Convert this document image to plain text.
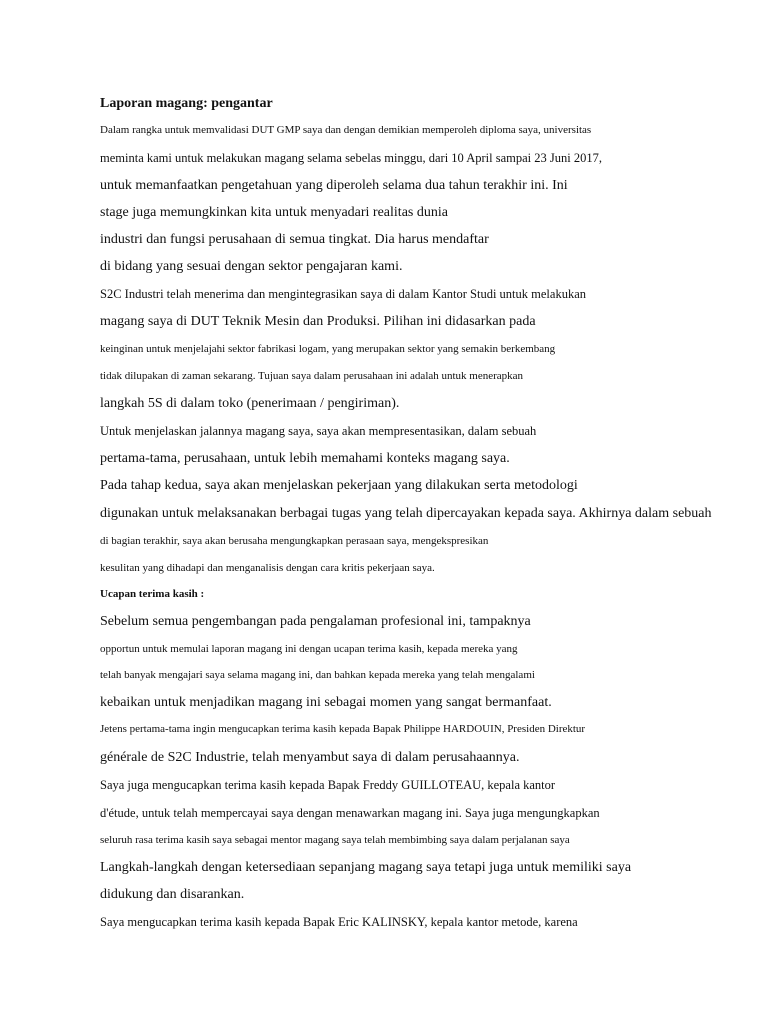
Laporan magang: pengantar

Dalam rangka untuk memvalidasi DUT GMP saya dan dengan demikian memperoleh diploma saya, universitas

meminta kami untuk melakukan magang selama sebelas minggu, dari 10 April sampai 23 Juni 2017,

untuk memanfaatkan pengetahuan yang diperoleh selama dua tahun terakhir ini. Ini

stage juga memungkinkan kita untuk menyadari realitas dunia

industri dan fungsi perusahaan di semua tingkat. Dia harus mendaftar

di bidang yang sesuai dengan sektor pengajaran kami.

S2C Industri telah menerima dan mengintegrasikan saya di dalam Kantor Studi untuk melakukan

magang saya di DUT Teknik Mesin dan Produksi. Pilihan ini didasarkan pada

keinginan untuk menjelajahi sektor fabrikasi logam, yang merupakan sektor yang semakin berkembang

tidak dilupakan di zaman sekarang. Tujuan saya dalam perusahaan ini adalah untuk menerapkan

langkah 5S di dalam toko (penerimaan / pengiriman).

Untuk menjelaskan jalannya magang saya, saya akan mempresentasikan, dalam sebuah

pertama-tama, perusahaan, untuk lebih memahami konteks magang saya.

Pada tahap kedua, saya akan menjelaskan pekerjaan yang dilakukan serta metodologi

digunakan untuk melaksanakan berbagai tugas yang telah dipercayakan kepada saya. Akhirnya dalam sebuah

di bagian terakhir, saya akan berusaha mengungkapkan perasaan saya, mengekspresikan

kesulitan yang dihadapi dan menganalisis dengan cara kritis pekerjaan saya.

Ucapan terima kasih :

Sebelum semua pengembangan pada pengalaman profesional ini, tampaknya

opportun untuk memulai laporan magang ini dengan ucapan terima kasih, kepada mereka yang

telah banyak mengajari saya selama magang ini, dan bahkan kepada mereka yang telah mengalami

kebaikan untuk menjadikan magang ini sebagai momen yang sangat bermanfaat.

Jetens pertama-tama ingin mengucapkan terima kasih kepada Bapak Philippe HARDOUIN, Presiden Direktur

générale de S2C Industrie, telah menyambut saya di dalam perusahaannya.

Saya juga mengucapkan terima kasih kepada Bapak Freddy GUILLOTEAU, kepala kantor

d'étude, untuk telah mempercayai saya dengan menawarkan magang ini. Saya juga mengungkapkan

seluruh rasa terima kasih saya sebagai mentor magang saya telah membimbing saya dalam perjalanan saya

Langkah-langkah dengan ketersediaan sepanjang magang saya tetapi juga untuk memiliki saya

didukung dan disarankan.

Saya mengucapkan terima kasih kepada Bapak Eric KALINSKY, kepala kantor metode, karena
